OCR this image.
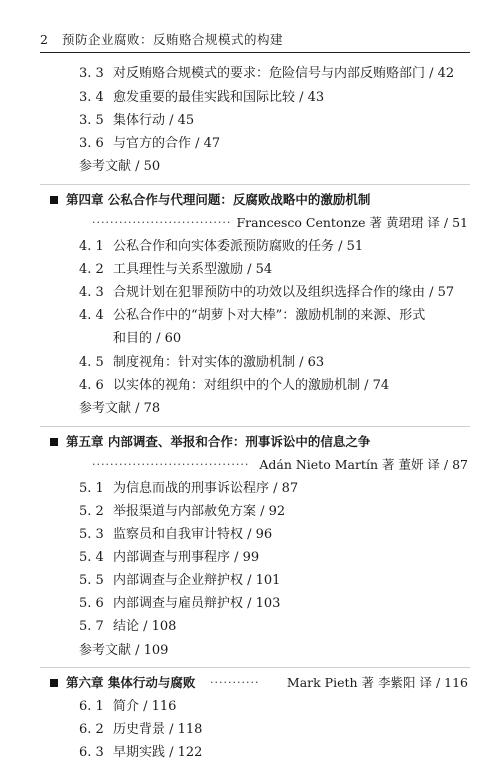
2 预防企业腐败：反贿赂合规模式的构建
3. 3 对反贿赂合规模式的要求：危险信号与内部反贿赂部门 / 42
3. 4 愈发重要的最佳实践和国际比较 / 43
3. 5 集体行动 / 45
3. 6 与官方的合作 / 47
参考文献 / 50
第四章 公私合作与代理问题：反腐败战略中的激励机制
······························· Francesco Centonze 著 黄珺珺 译 / 51
4. 1 公私合作和向实体委派预防腐败的任务 / 51
4. 2 工具理性与关系型激励 / 54
4. 3 合规计划在犯罪预防中的功效以及组织选择合作的缘由 / 57
4. 4 公私合作中的“胡萝卜对大棒”：激励机制的来源、形式
和目的 / 60
4. 5 制度视角：针对实体的激励机制 / 63
4. 6 以实体的视角：对组织中的个人的激励机制 / 74
参考文献 / 78
第五章 内部调查、举报和合作：刑事诉讼中的信息之争
··································· Adán Nieto Martín 著 董妍 译 / 87
5. 1 为信息而战的刑事诉讼程序 / 87
5. 2 举报渠道与内部赦免方案 / 92
5. 3 监察员和自我审计特权 / 96
5. 4 内部调查与刑事程序 / 99
5. 5 内部调查与企业辩护权 / 101
5. 6 内部调查与雇员辩护权 / 103
5. 7 结论 / 108
参考文献 / 109
第六章 集体行动与腐败 ··········· Mark Pieth 著 李紫阳 译 / 116
6. 1 简介 / 116
6. 2 历史背景 / 118
6. 3 早期实践 / 122
